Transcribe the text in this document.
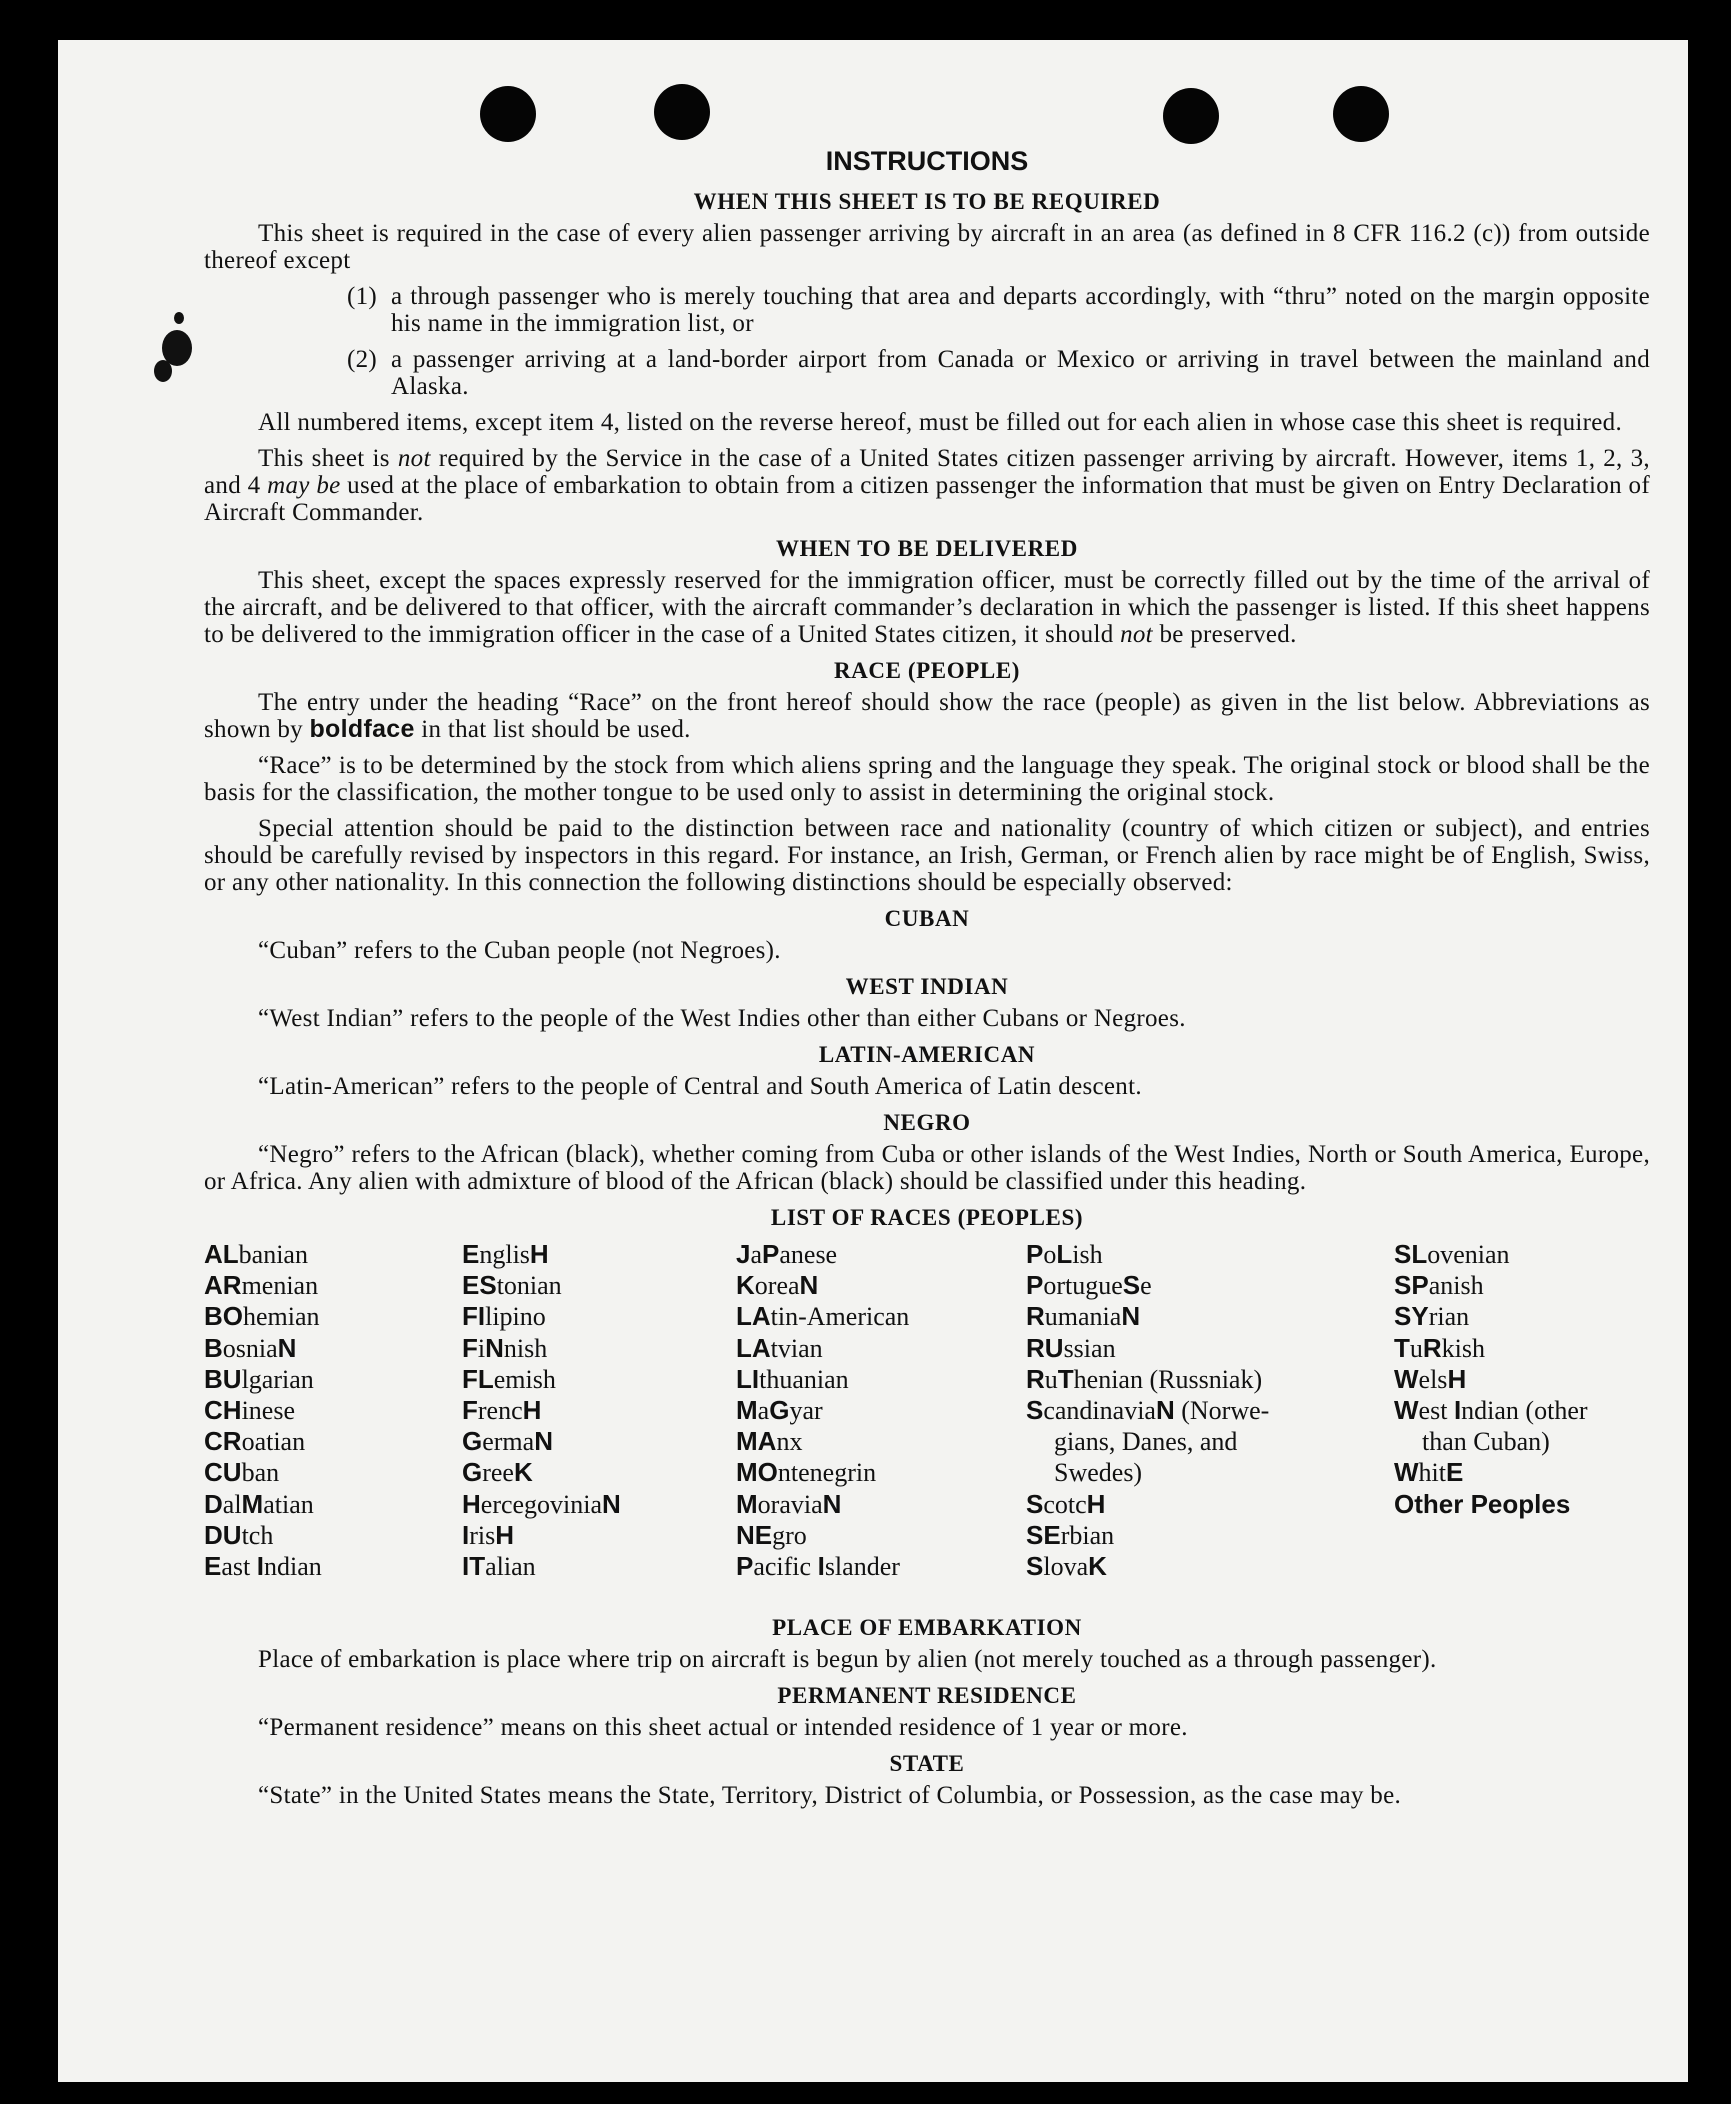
INSTRUCTIONS
WHEN THIS SHEET IS TO BE REQUIRED

This sheet is required in the case of every alien passenger arriving by aircraft in an area (as defined in 8 CFR 116.2 (c)) from outside thereof except

(1) a through passenger who is merely touching that area and departs accordingly, with “thru” noted on the margin opposite his name in the immigration list, or
(2) a passenger arriving at a land-border airport from Canada or Mexico or arriving in travel between the mainland and Alaska.

All numbered items, except item 4, listed on the reverse hereof, must be filled out for each alien in whose case this sheet is required.

This sheet is not required by the Service in the case of a United States citizen passenger arriving by aircraft. However, items 1, 2, 3, and 4 may be used at the place of embarkation to obtain from a citizen passenger the information that must be given on Entry Declaration of Aircraft Commander.

WHEN TO BE DELIVERED

This sheet, except the spaces expressly reserved for the immigration officer, must be correctly filled out by the time of the arrival of the aircraft, and be delivered to that officer, with the aircraft commander’s declaration in which the passenger is listed. If this sheet happens to be delivered to the immigration officer in the case of a United States citizen, it should not be preserved.

RACE (PEOPLE)

The entry under the heading “Race” on the front hereof should show the race (people) as given in the list below. Abbreviations as shown by boldface in that list should be used.

“Race” is to be determined by the stock from which aliens spring and the language they speak. The original stock or blood shall be the basis for the classification, the mother tongue to be used only to assist in determining the original stock.

Special attention should be paid to the distinction between race and nationality (country of which citizen or subject), and entries should be carefully revised by inspectors in this regard. For instance, an Irish, German, or French alien by race might be of English, Swiss, or any other nationality. In this connection the following distinctions should be especially observed:

CUBAN
“Cuban” refers to the Cuban people (not Negroes).
WEST INDIAN
“West Indian” refers to the people of the West Indies other than either Cubans or Negroes.
LATIN-AMERICAN
“Latin-American” refers to the people of Central and South America of Latin descent.
NEGRO

“Negro” refers to the African (black), whether coming from Cuba or other islands of the West Indies, North or South America, Europe, or Africa. Any alien with admixture of blood of the African (black) should be classified under this heading.

LIST OF RACES (PEOPLES)
ALbanian
ARmenian
BOhemian
BosniaN
BUlgarian
CHinese
CRoatian
CUban
DalMatian
DUtch
East Indian
EnglisH
EStonian
FIlipino
FiNnish
FLemish
FrencH
GermaN
GreeK
HercegoviniaN
IrisH
ITalian
JaPanese
KoreaN
LAtin-American
LAtvian
LIthuanian
MaGyar
MAnx
MOntenegrin
MoraviaN
NEgro
Pacific Islander
PoLish
PortugueSe
RumaniaN
RUssian
RuThenian (Russniak)
ScandinaviaN (Norwe-
gians, Danes, and
Swedes)
ScotcH
SErbian
SlovaK
SLovenian
SPanish
SYrian
TuRkish
WelsH
West Indian (other
than Cuban)
WhitE
Other Peoples
PLACE OF EMBARKATION

Place of embarkation is place where trip on aircraft is begun by alien (not merely touched as a through passenger).

PERMANENT RESIDENCE

“Permanent residence” means on this sheet actual or intended residence of 1 year or more.

STATE

“State” in the United States means the State, Territory, District of Columbia, or Possession, as the case may be.
